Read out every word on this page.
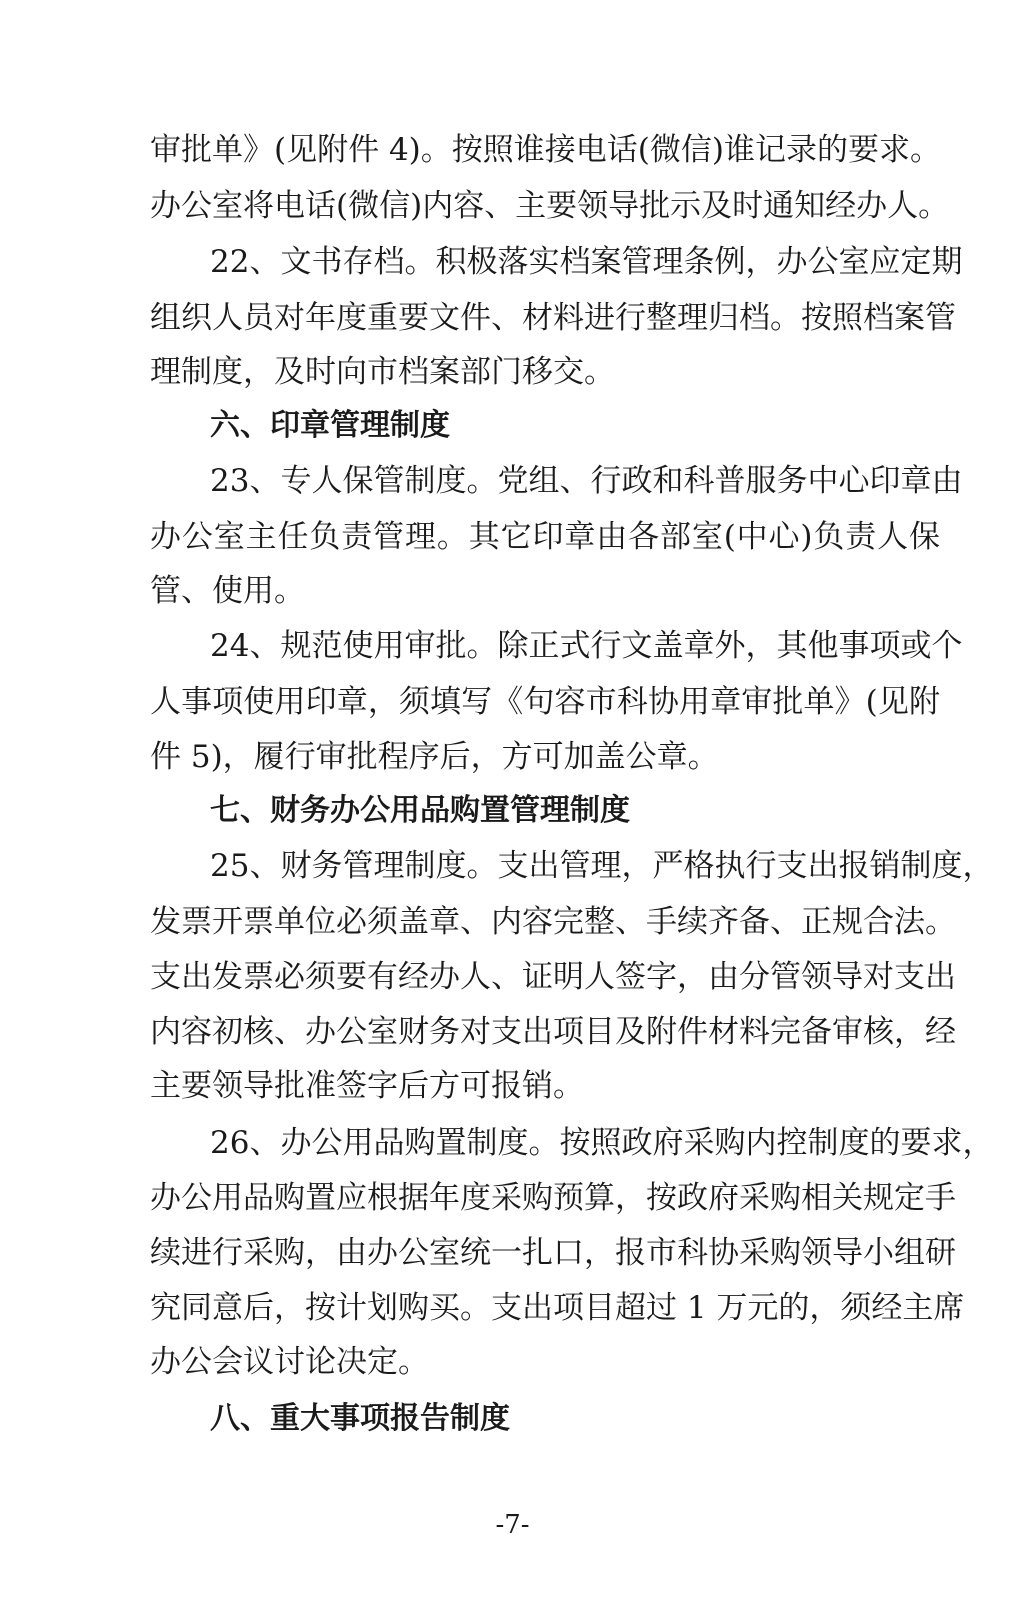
审批单》(见附件 4)。按照谁接电话(微信)谁记录的要求。
办公室将电话(微信)内容、主要领导批示及时通知经办人。
22、文书存档。积极落实档案管理条例，办公室应定期
组织人员对年度重要文件、材料进行整理归档。按照档案管
理制度，及时向市档案部门移交。
六、印章管理制度
23、专人保管制度。党组、行政和科普服务中心印章由
办公室主任负责管理。其它印章由各部室(中心)负责人保
管、使用。
24、规范使用审批。除正式行文盖章外，其他事项或个
人事项使用印章，须填写《句容市科协用章审批单》(见附
件 5)，履行审批程序后，方可加盖公章。
七、财务办公用品购置管理制度
25、财务管理制度。支出管理，严格执行支出报销制度，
发票开票单位必须盖章、内容完整、手续齐备、正规合法。
支出发票必须要有经办人、证明人签字，由分管领导对支出
内容初核、办公室财务对支出项目及附件材料完备审核，经
主要领导批准签字后方可报销。
26、办公用品购置制度。按照政府采购内控制度的要求，
办公用品购置应根据年度采购预算，按政府采购相关规定手
续进行采购，由办公室统一扎口，报市科协采购领导小组研
究同意后，按计划购买。支出项目超过 1 万元的，须经主席
办公会议讨论决定。
八、重大事项报告制度
-7-
